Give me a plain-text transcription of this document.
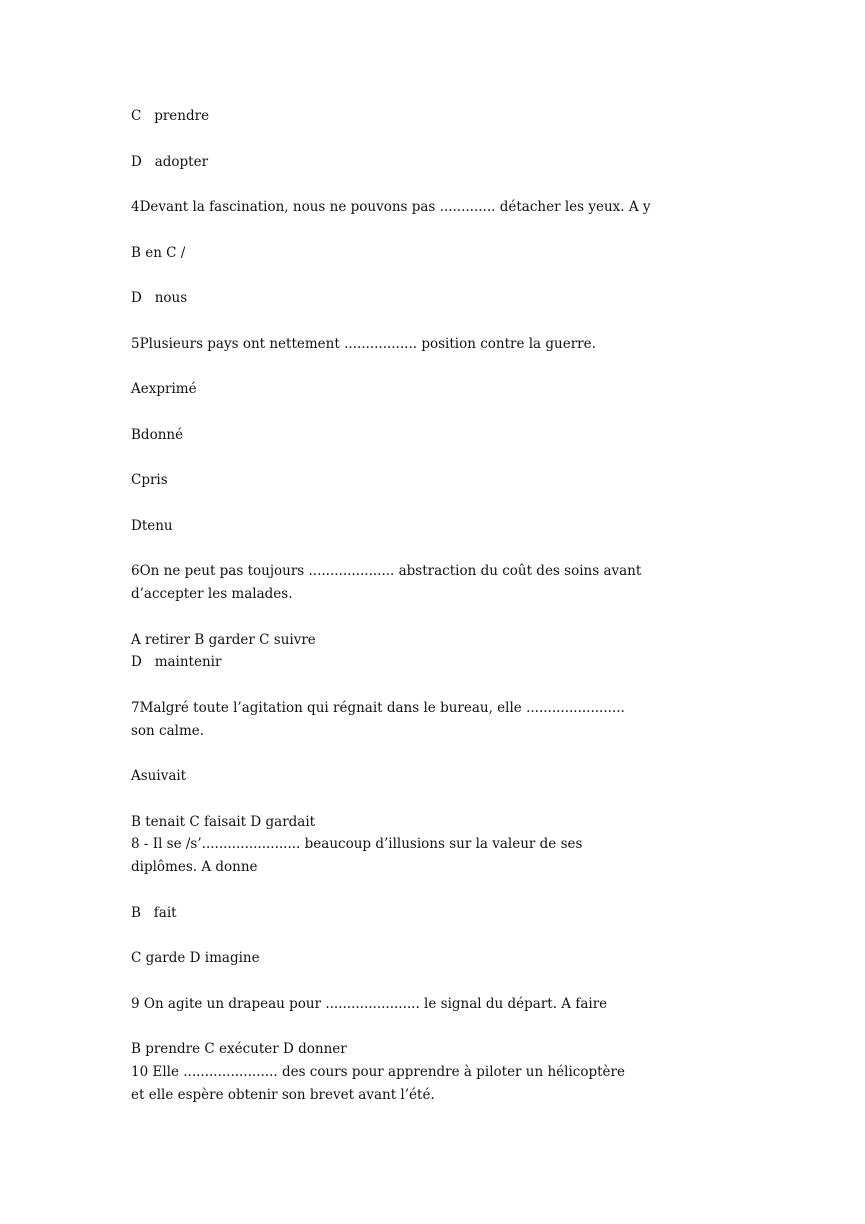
C   prendre
D   adopter
4Devant la fascination, nous ne pouvons pas ............. détacher les yeux. A y
B en C /
D   nous
5Plusieurs pays ont nettement ................. position contre la guerre.
Aexprimé
Bdonné
Cpris
Dtenu
6On ne peut pas toujours .................... abstraction du coût des soins avant
d’accepter les malades.
A retirer B garder C suivre
D   maintenir
7Malgré toute l’agitation qui régnait dans le bureau, elle .......................
son calme.
Asuivait
B tenait C faisait D gardait
8 - Il se /s’....................... beaucoup d’illusions sur la valeur de ses
diplômes. A donne
B   fait
C garde D imagine
9 On agite un drapeau pour ...................... le signal du départ. A faire
B prendre C exécuter D donner
10 Elle ...................... des cours pour apprendre à piloter un hélicoptère
et elle espère obtenir son brevet avant l’été.
